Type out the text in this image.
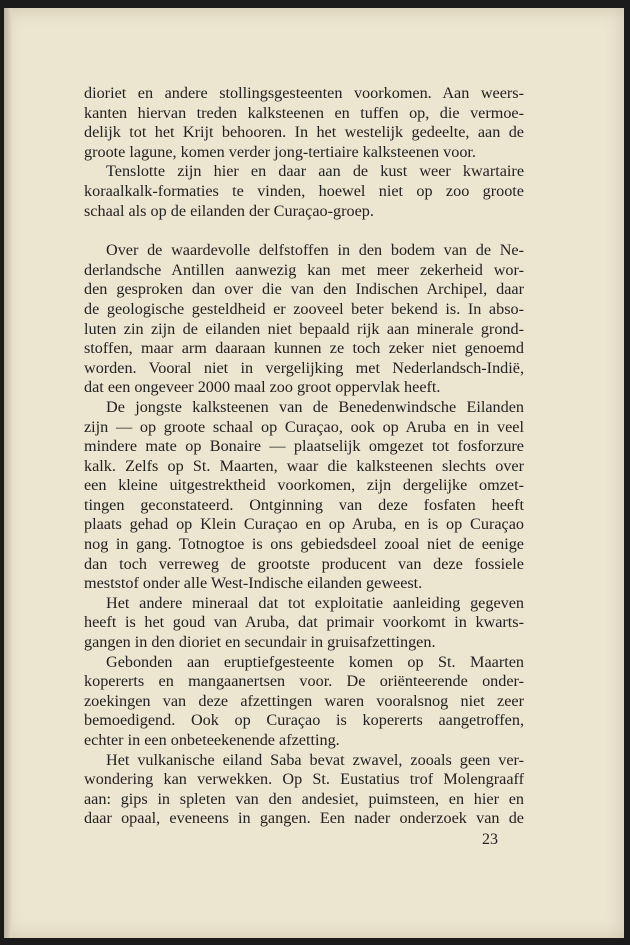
dioriet en andere stollingsgesteenten voorkomen. Aan weers-
kanten hiervan treden kalksteenen en tuffen op, die vermoe-
delijk tot het Krijt behooren. In het westelijk gedeelte, aan de
groote lagune, komen verder jong-tertiaire kalksteenen voor.

Tenslotte zijn hier en daar aan de kust weer kwartaire
koraalkalk-formaties te vinden, hoewel niet op zoo groote
schaal als op de eilanden der Curaçao-groep.

Over de waardevolle delfstoffen in den bodem van de Ne-
derlandsche Antillen aanwezig kan met meer zekerheid wor-
den gesproken dan over die van den Indischen Archipel, daar
de geologische gesteldheid er zooveel beter bekend is. In abso-
luten zin zijn de eilanden niet bepaald rijk aan minerale grond-
stoffen, maar arm daaraan kunnen ze toch zeker niet genoemd
worden. Vooral niet in vergelijking met Nederlandsch-Indië,
dat een ongeveer 2000 maal zoo groot oppervlak heeft.

De jongste kalksteenen van de Benedenwindsche Eilanden
zijn — op groote schaal op Curaçao, ook op Aruba en in veel
mindere mate op Bonaire — plaatselijk omgezet tot fosforzure
kalk. Zelfs op St. Maarten, waar die kalksteenen slechts over
een kleine uitgestrektheid voorkomen, zijn dergelijke omzet-
tingen geconstateerd. Ontginning van deze fosfaten heeft
plaats gehad op Klein Curaçao en op Aruba, en is op Curaçao
nog in gang. Totnogtoe is ons gebiedsdeel zooal niet de eenige
dan toch verreweg de grootste producent van deze fossiele
meststof onder alle West-Indische eilanden geweest.

Het andere mineraal dat tot exploitatie aanleiding gegeven
heeft is het goud van Aruba, dat primair voorkomt in kwarts-
gangen in den dioriet en secundair in gruisafzettingen.

Gebonden aan eruptiefgesteente komen op St. Maarten
kopererts en mangaanertsen voor. De oriënteerende onder-
zoekingen van deze afzettingen waren vooralsnog niet zeer
bemoedigend. Ook op Curaçao is kopererts aangetroffen,
echter in een onbeteekenende afzetting.

Het vulkanische eiland Saba bevat zwavel, zooals geen ver-
wondering kan verwekken. Op St. Eustatius trof Molengraaff
aan: gips in spleten van den andesiet, puimsteen, en hier en
daar opaal, eveneens in gangen. Een nader onderzoek van de

23
